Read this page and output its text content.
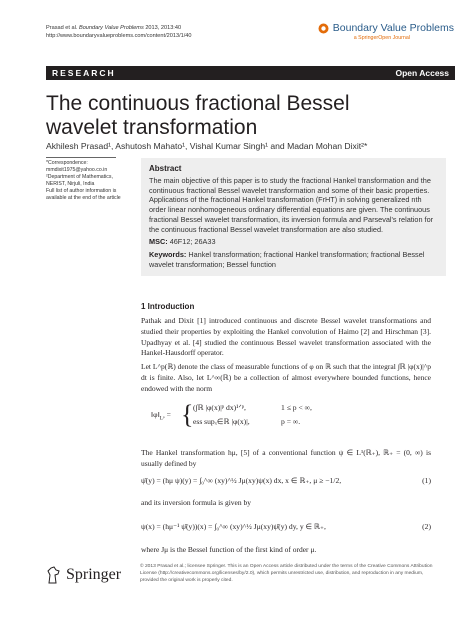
Prasad et al. Boundary Value Problems 2013, 2013:40
http://www.boundaryvalueproblems.com/content/2013/1/40
Boundary Value Problems
a SpringerOpen Journal
RESEARCH	Open Access
The continuous fractional Bessel wavelet transformation
Akhilesh Prasad¹, Ashutosh Mahato¹, Vishal Kumar Singh¹ and Madan Mohan Dixit²*
*Correspondence:
mmdixit1975@yahoo.co.in
²Department of Mathematics,
NERIST, Nirjuli, India
Full list of author information is available at the end of the article
Abstract

The main objective of this paper is to study the fractional Hankel transformation and the continuous fractional Bessel wavelet transformation and some of their basic properties. Applications of the fractional Hankel transformation (FrHT) in solving generalized nth order linear nonhomogeneous ordinary differential equations are given. The continuous fractional Bessel wavelet transformation, its inversion formula and Parseval's relation for the continuous fractional Bessel wavelet transformation are also studied.

MSC: 46F12; 26A33

Keywords: Hankel transformation; fractional Hankel transformation; fractional Bessel wavelet transformation; Bessel function

1 Introduction
Pathak and Dixit [1] introduced continuous and discrete Bessel wavelet transformations and studied their properties by exploiting the Hankel convolution of Haimo [2] and Hirschman [3]. Upadhyay et al. [4] studied the continuous Bessel wavelet transformation associated with the Hankel-Hausdorff operator.
Let L^p(ℝ) denote the class of measurable functions of φ on ℝ such that the integral ∫ℝ |φ(x)|^p dt is finite. Also, let L^∞(ℝ) be a collection of almost everywhere bounded functions, hence endowed with the norm
$‖\varphi‖_{Lᵖ}$ = { (∫ℝ |φ(x)|ᵖ dx)¹ᐟᵖ,	1 ≤ p < ∞,
ess supₓ∈ℝ |φ(x)|,	p = ∞.
The Hankel transformation hμ, [5] of a conventional function ψ ∈ L¹(ℝ₊), ℝ₊ = (0, ∞) is usually defined by
ψ̂(y) = (hμ ψ)(y) = ∫₀^∞ (xy)^½ Jμ(xy)ψ(x) dx, x ∈ ℝ₊, μ ≥ −1/2,	(1)
and its inversion formula is given by
ψ(x) = (hμ⁻¹ ψ̂(y))(x) = ∫₀^∞ (xy)^½ Jμ(xy)ψ̂(y) dy, y ∈ ℝ₊,	(2)
where Jμ is the Bessel function of the first kind of order μ.
Springer	© 2013 Prasad et al.; licensee Springer. This is an Open Access article distributed under the terms of the Creative Commons Attribution License (http://creativecommons.org/licenses/by/2.0), which permits unrestricted use, distribution, and reproduction in any medium, provided the original work is properly cited.
